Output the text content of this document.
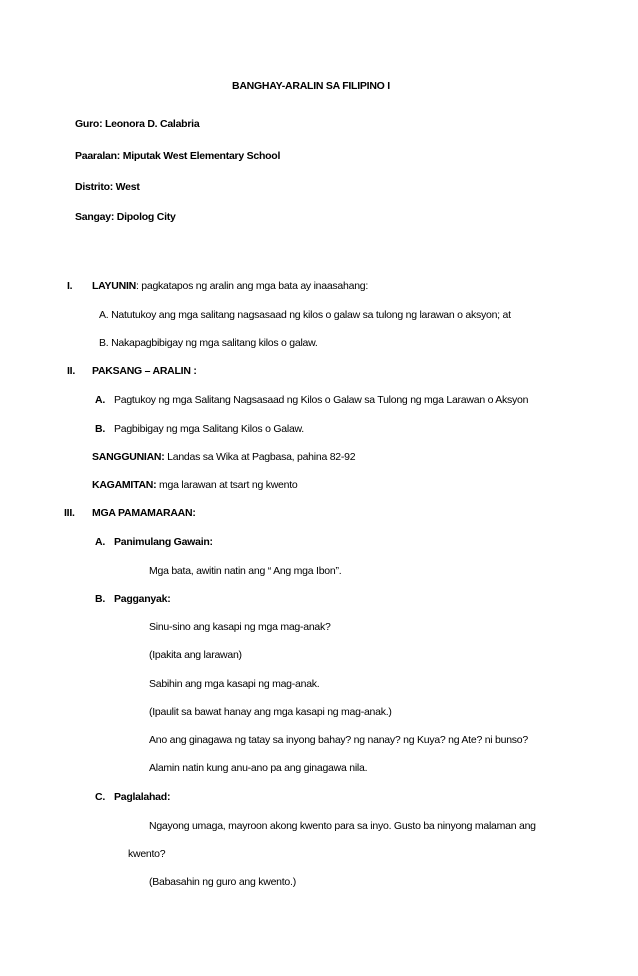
BANGHAY-ARALIN SA FILIPINO I
Guro: Leonora D. Calabria
Paaralan: Miputak West Elementary School
Distrito: West
Sangay: Dipolog City
I. LAYUNIN: pagkatapos ng aralin ang mga bata ay inaasahang:
A. Natutukoy ang mga salitang nagsasaad ng kilos o galaw sa tulong ng larawan o aksyon; at
B. Nakapagbibigay ng mga salitang kilos o galaw.
II. PAKSANG – ARALIN :
A. Pagtukoy ng mga Salitang Nagsasaad ng Kilos o Galaw sa Tulong ng mga Larawan o Aksyon
B. Pagbibigay ng mga Salitang Kilos o Galaw.
SANGGUNIAN: Landas sa Wika at Pagbasa, pahina 82-92
KAGAMITAN: mga larawan at tsart ng kwento
III. MGA PAMAMARAAN:
A. Panimulang Gawain:
Mga bata, awitin natin ang “ Ang mga Ibon”.
B. Pagganyak:
Sinu-sino ang kasapi ng mga mag-anak?
(Ipakita ang larawan)
Sabihin ang mga kasapi ng mag-anak.
(Ipaulit sa bawat hanay ang mga kasapi ng mag-anak.)
Ano ang ginagawa ng tatay sa inyong bahay? ng nanay? ng Kuya? ng Ate? ni bunso?
Alamin natin kung anu-ano pa ang ginagawa nila.
C. Paglalahad:
Ngayong umaga, mayroon akong kwento para sa inyo. Gusto ba ninyong malaman ang
kwento?
(Babasahin ng guro ang kwento.)
